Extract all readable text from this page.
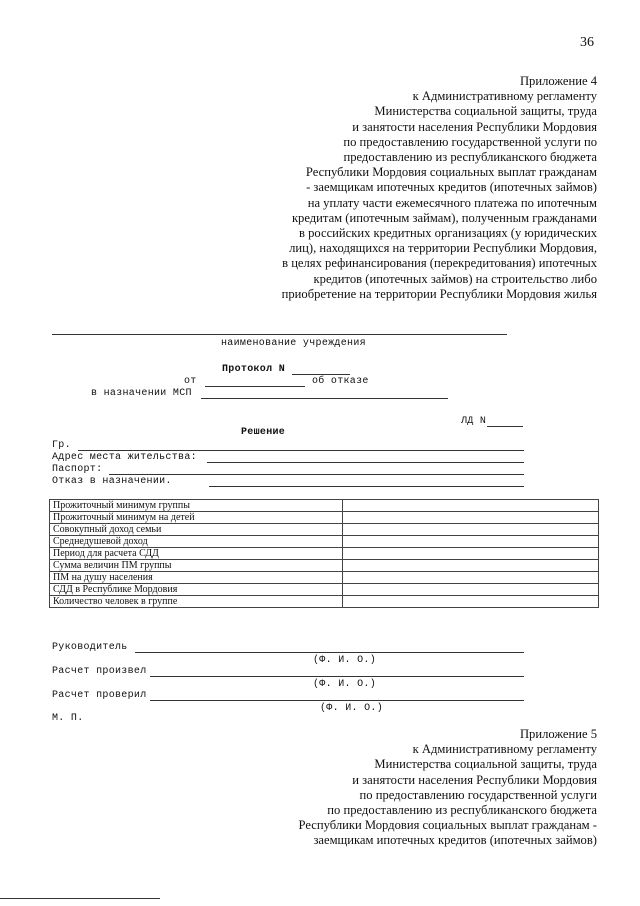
36
Приложение 4
к Административному регламенту
Министерства социальной защиты, труда
и занятости населения Республики Мордовия
по предоставлению государственной услуги по
предоставлению из республиканского бюджета
Республики Мордовия социальных выплат гражданам
- заемщикам ипотечных кредитов (ипотечных займов)
на уплату части ежемесячного платежа по ипотечным
кредитам (ипотечным займам), полученным гражданами
в российских кредитных организациях (у юридических
лиц), находящихся на территории Республики Мордовия,
в целях рефинансирования (перекредитования) ипотечных
кредитов (ипотечных займов) на строительство либо
приобретение на территории Республики Мордовия жилья
наименование учреждения
Протокол N
от	об отказе
в назначении МСП
ЛД N
Решение
Гр.
Адрес места жительства:
Паспорт:
Отказ в назначении.
Прожиточный минимум группы	
Прожиточный минимум на детей	
Совокупный доход семьи	
Среднедушевой доход	
Период для расчета СДД	
Сумма величин ПМ группы	
ПМ на душу населения	
СДД в Республике Мордовия	
Количество человек в группе	
Руководитель
(Ф. И. О.)
Расчет произвел
(Ф. И. О.)
Расчет проверил
(Ф. И. О.)
М. П.
Приложение 5
к Административному регламенту
Министерства социальной защиты, труда
и занятости населения Республики Мордовия
по предоставлению государственной услуги
по предоставлению из республиканского бюджета
Республики Мордовия социальных выплат гражданам -
заемщикам ипотечных кредитов (ипотечных займов)
